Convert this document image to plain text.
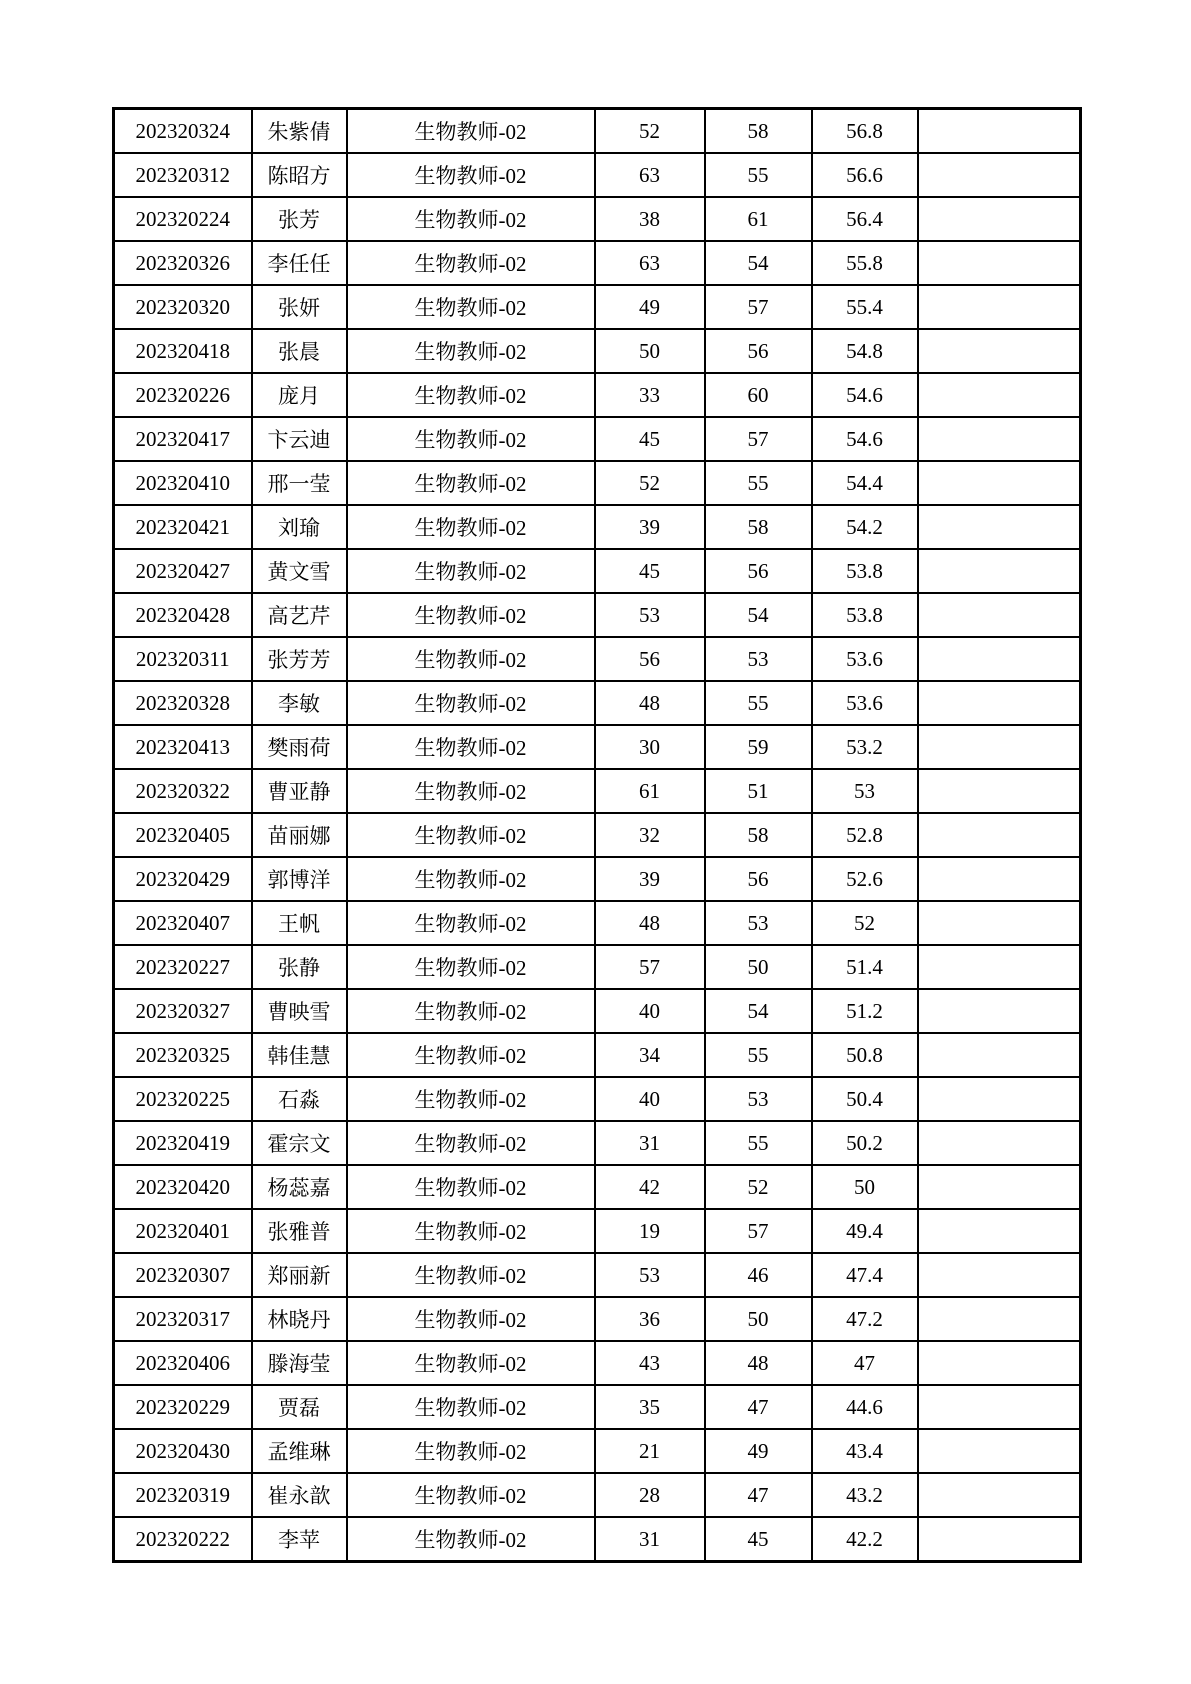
202320324	朱紫倩	生物教师-02	52	58	56.8	
202320312	陈昭方	生物教师-02	63	55	56.6	
202320224	张芳	生物教师-02	38	61	56.4	
202320326	李任任	生物教师-02	63	54	55.8	
202320320	张妍	生物教师-02	49	57	55.4	
202320418	张晨	生物教师-02	50	56	54.8	
202320226	庞月	生物教师-02	33	60	54.6	
202320417	卞云迪	生物教师-02	45	57	54.6	
202320410	邢一莹	生物教师-02	52	55	54.4	
202320421	刘瑜	生物教师-02	39	58	54.2	
202320427	黄文雪	生物教师-02	45	56	53.8	
202320428	高艺芹	生物教师-02	53	54	53.8	
202320311	张芳芳	生物教师-02	56	53	53.6	
202320328	李敏	生物教师-02	48	55	53.6	
202320413	樊雨荷	生物教师-02	30	59	53.2	
202320322	曹亚静	生物教师-02	61	51	53	
202320405	苗丽娜	生物教师-02	32	58	52.8	
202320429	郭博洋	生物教师-02	39	56	52.6	
202320407	王帆	生物教师-02	48	53	52	
202320227	张静	生物教师-02	57	50	51.4	
202320327	曹映雪	生物教师-02	40	54	51.2	
202320325	韩佳慧	生物教师-02	34	55	50.8	
202320225	石淼	生物教师-02	40	53	50.4	
202320419	霍宗文	生物教师-02	31	55	50.2	
202320420	杨蕊嘉	生物教师-02	42	52	50	
202320401	张雅普	生物教师-02	19	57	49.4	
202320307	郑丽新	生物教师-02	53	46	47.4	
202320317	林晓丹	生物教师-02	36	50	47.2	
202320406	滕海莹	生物教师-02	43	48	47	
202320229	贾磊	生物教师-02	35	47	44.6	
202320430	孟维琳	生物教师-02	21	49	43.4	
202320319	崔永歆	生物教师-02	28	47	43.2	
202320222	李苹	生物教师-02	31	45	42.2	
